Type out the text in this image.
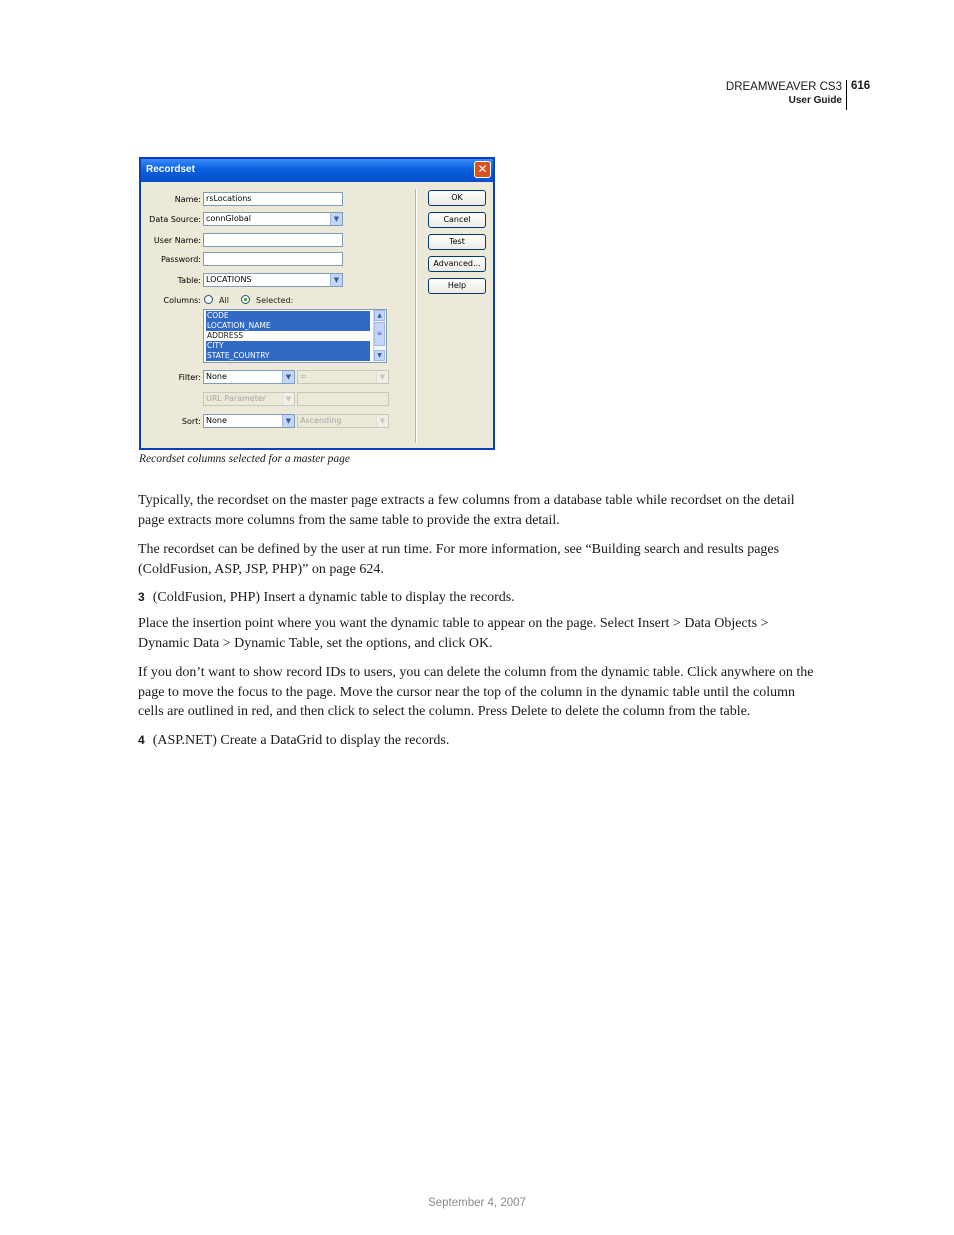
DREAMWEAVER CS3
User Guide
616
Recordset	✕
Name: rsLocations
Data Source: connGlobal	▼
User Name:
Password:
Table: LOCATIONS	▼
Columns: All	Selected:
CODE
LOCATION_NAME
ADDRESS
CITY
STATE_COUNTRY
▲
≡
▼
Filter: None	▼	=	▼
URL Parameter	▼
Sort: None	▼	Ascending	▼
OK
Cancel
Test
Advanced...
Help
Recordset columns selected for a master page
Typically, the recordset on the master page extracts a few columns from a database table while recordset on the detail page extracts more columns from the same table to provide the extra detail.
The recordset can be defined by the user at run time. For more information, see “Building search and results pages (ColdFusion, ASP, JSP, PHP)” on page 624.
3 (ColdFusion, PHP) Insert a dynamic table to display the records.
Place the insertion point where you want the dynamic table to appear on the page. Select Insert > Data Objects > Dynamic Data > Dynamic Table, set the options, and click OK.
If you don’t want to show record IDs to users, you can delete the column from the dynamic table. Click anywhere on the page to move the focus to the page. Move the cursor near the top of the column in the dynamic table until the column cells are outlined in red, and then click to select the column. Press Delete to delete the column from the table.
4 (ASP.NET) Create a DataGrid to display the records.
September 4, 2007
